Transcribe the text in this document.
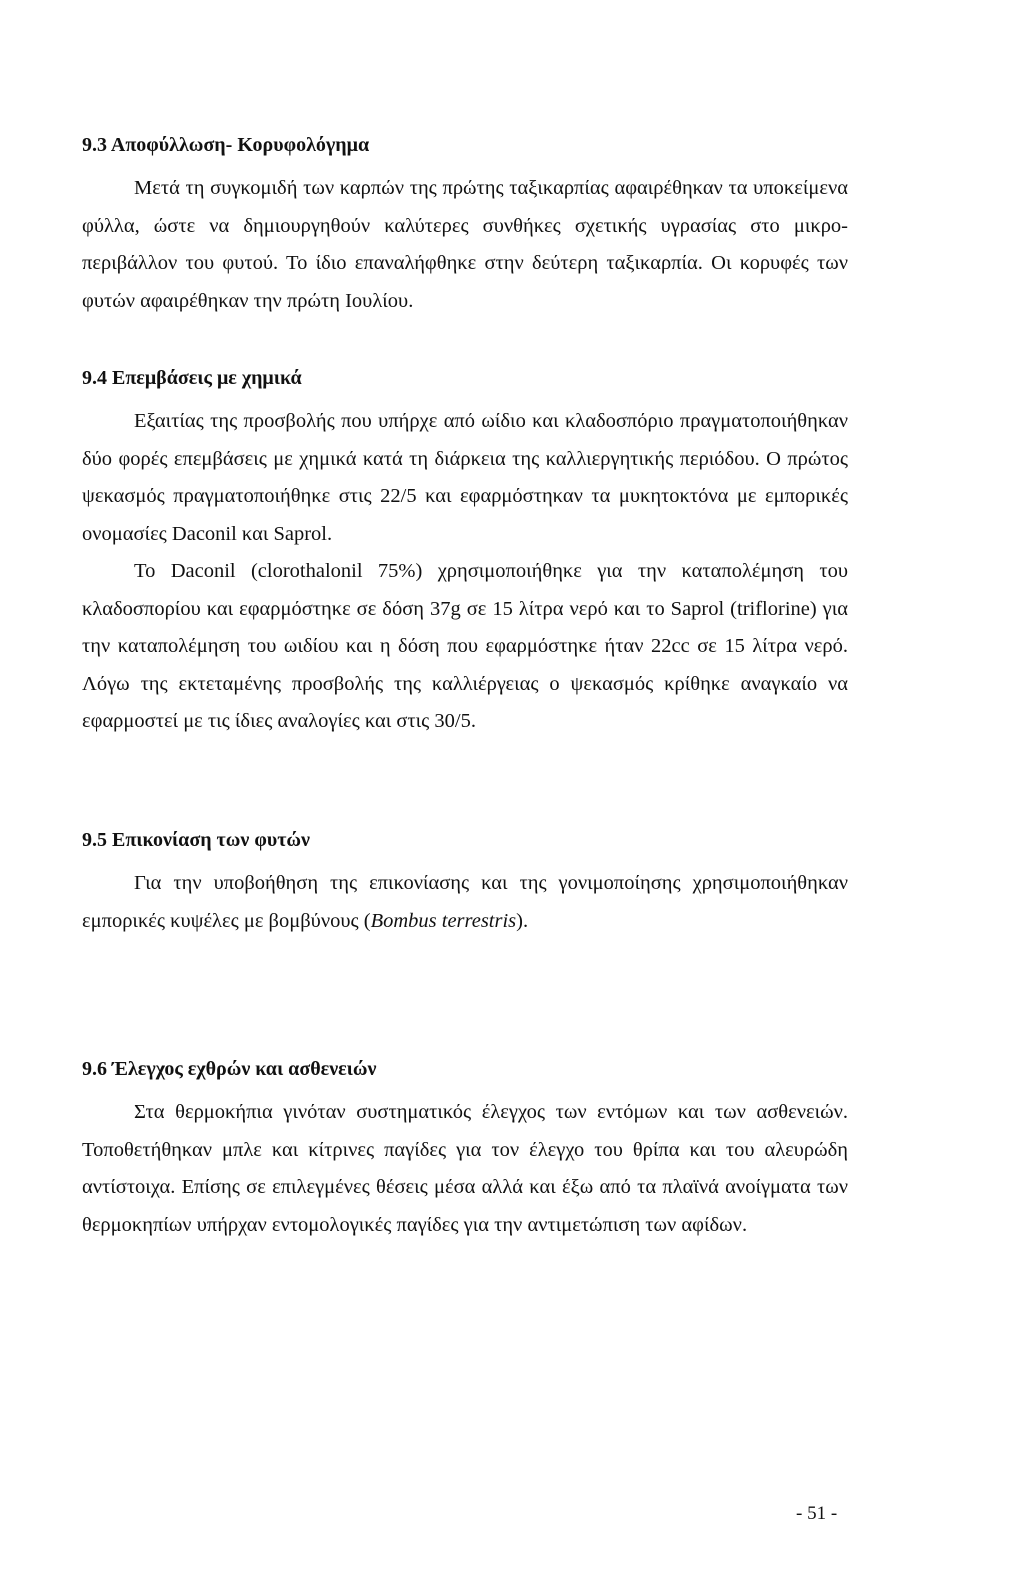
9.3 Αποφύλλωση- Κορυφολόγημα

Μετά τη συγκομιδή των καρπών της πρώτης ταξικαρπίας αφαιρέθηκαν τα υποκείμενα φύλλα, ώστε να δημιουργηθούν καλύτερες συνθήκες σχετικής υγρασίας στο μικρο-περιβάλλον του φυτού. Το ίδιο επαναλήφθηκε στην δεύτερη ταξικαρπία. Οι κορυφές των φυτών αφαιρέθηκαν την πρώτη Ιουλίου.

9.4 Επεμβάσεις με χημικά

Εξαιτίας της προσβολής που υπήρχε από ωίδιο και κλαδοσπόριο πραγματοποιήθηκαν δύο φορές επεμβάσεις με χημικά κατά τη διάρκεια της καλλιεργητικής περιόδου. Ο πρώτος ψεκασμός πραγματοποιήθηκε στις 22/5 και εφαρμόστηκαν τα μυκητοκτόνα με εμπορικές ονομασίες Daconil και Saprol.

Το Daconil (clorothalonil 75%) χρησιμοποιήθηκε για την καταπολέμηση του κλαδοσπορίου και εφαρμόστηκε σε δόση 37g σε 15 λίτρα νερό και το Saprol (triflorine) για την καταπολέμηση του ωιδίου και η δόση που εφαρμόστηκε ήταν 22cc σε 15 λίτρα νερό. Λόγω της εκτεταμένης προσβολής της καλλιέργειας ο ψεκασμός κρίθηκε αναγκαίο να εφαρμοστεί με τις ίδιες αναλογίες και στις 30/5.

9.5 Επικονίαση των φυτών

Για την υποβοήθηση της επικονίασης και της γονιμοποίησης χρησιμοποιήθηκαν εμπορικές κυψέλες με βομβύνους (Bombus terrestris).

9.6 Έλεγχος εχθρών και ασθενειών

Στα θερμοκήπια γινόταν συστηματικός έλεγχος των εντόμων και των ασθενειών. Τοποθετήθηκαν μπλε και κίτρινες παγίδες για τον έλεγχο του θρίπα και του αλευρώδη αντίστοιχα. Επίσης σε επιλεγμένες θέσεις μέσα αλλά και έξω από τα πλαϊνά ανοίγματα των θερμοκηπίων υπήρχαν εντομολογικές παγίδες για την αντιμετώπιση των αφίδων.

- 51 -
